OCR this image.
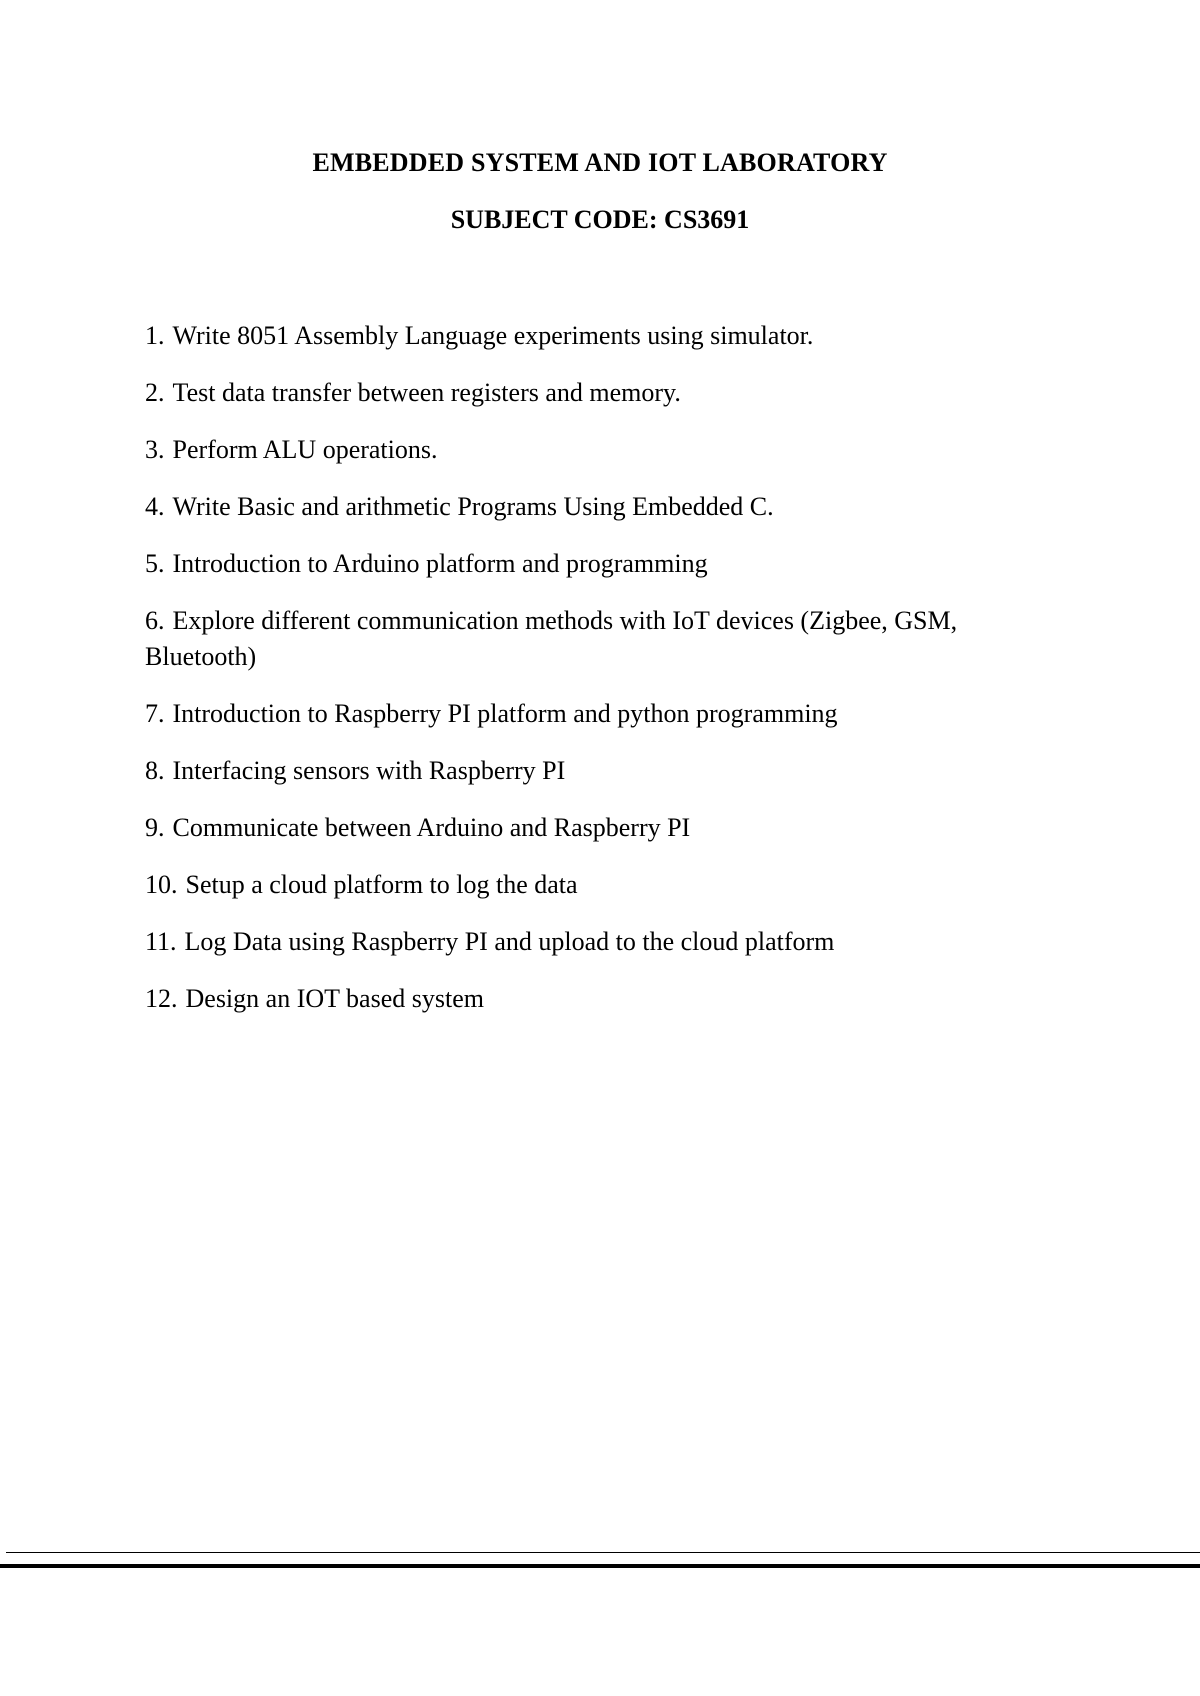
EMBEDDED SYSTEM AND IOT LABORATORY
SUBJECT CODE: CS3691
1. Write 8051 Assembly Language experiments using simulator.
2. Test data transfer between registers and memory.
3. Perform ALU operations.
4. Write Basic and arithmetic Programs Using Embedded C.
5. Introduction to Arduino platform and programming
6. Explore different communication methods with IoT devices (Zigbee, GSM, Bluetooth)
7. Introduction to Raspberry PI platform and python programming
8. Interfacing sensors with Raspberry PI
9. Communicate between Arduino and Raspberry PI
10. Setup a cloud platform to log the data
11. Log Data using Raspberry PI and upload to the cloud platform
12. Design an IOT based system
